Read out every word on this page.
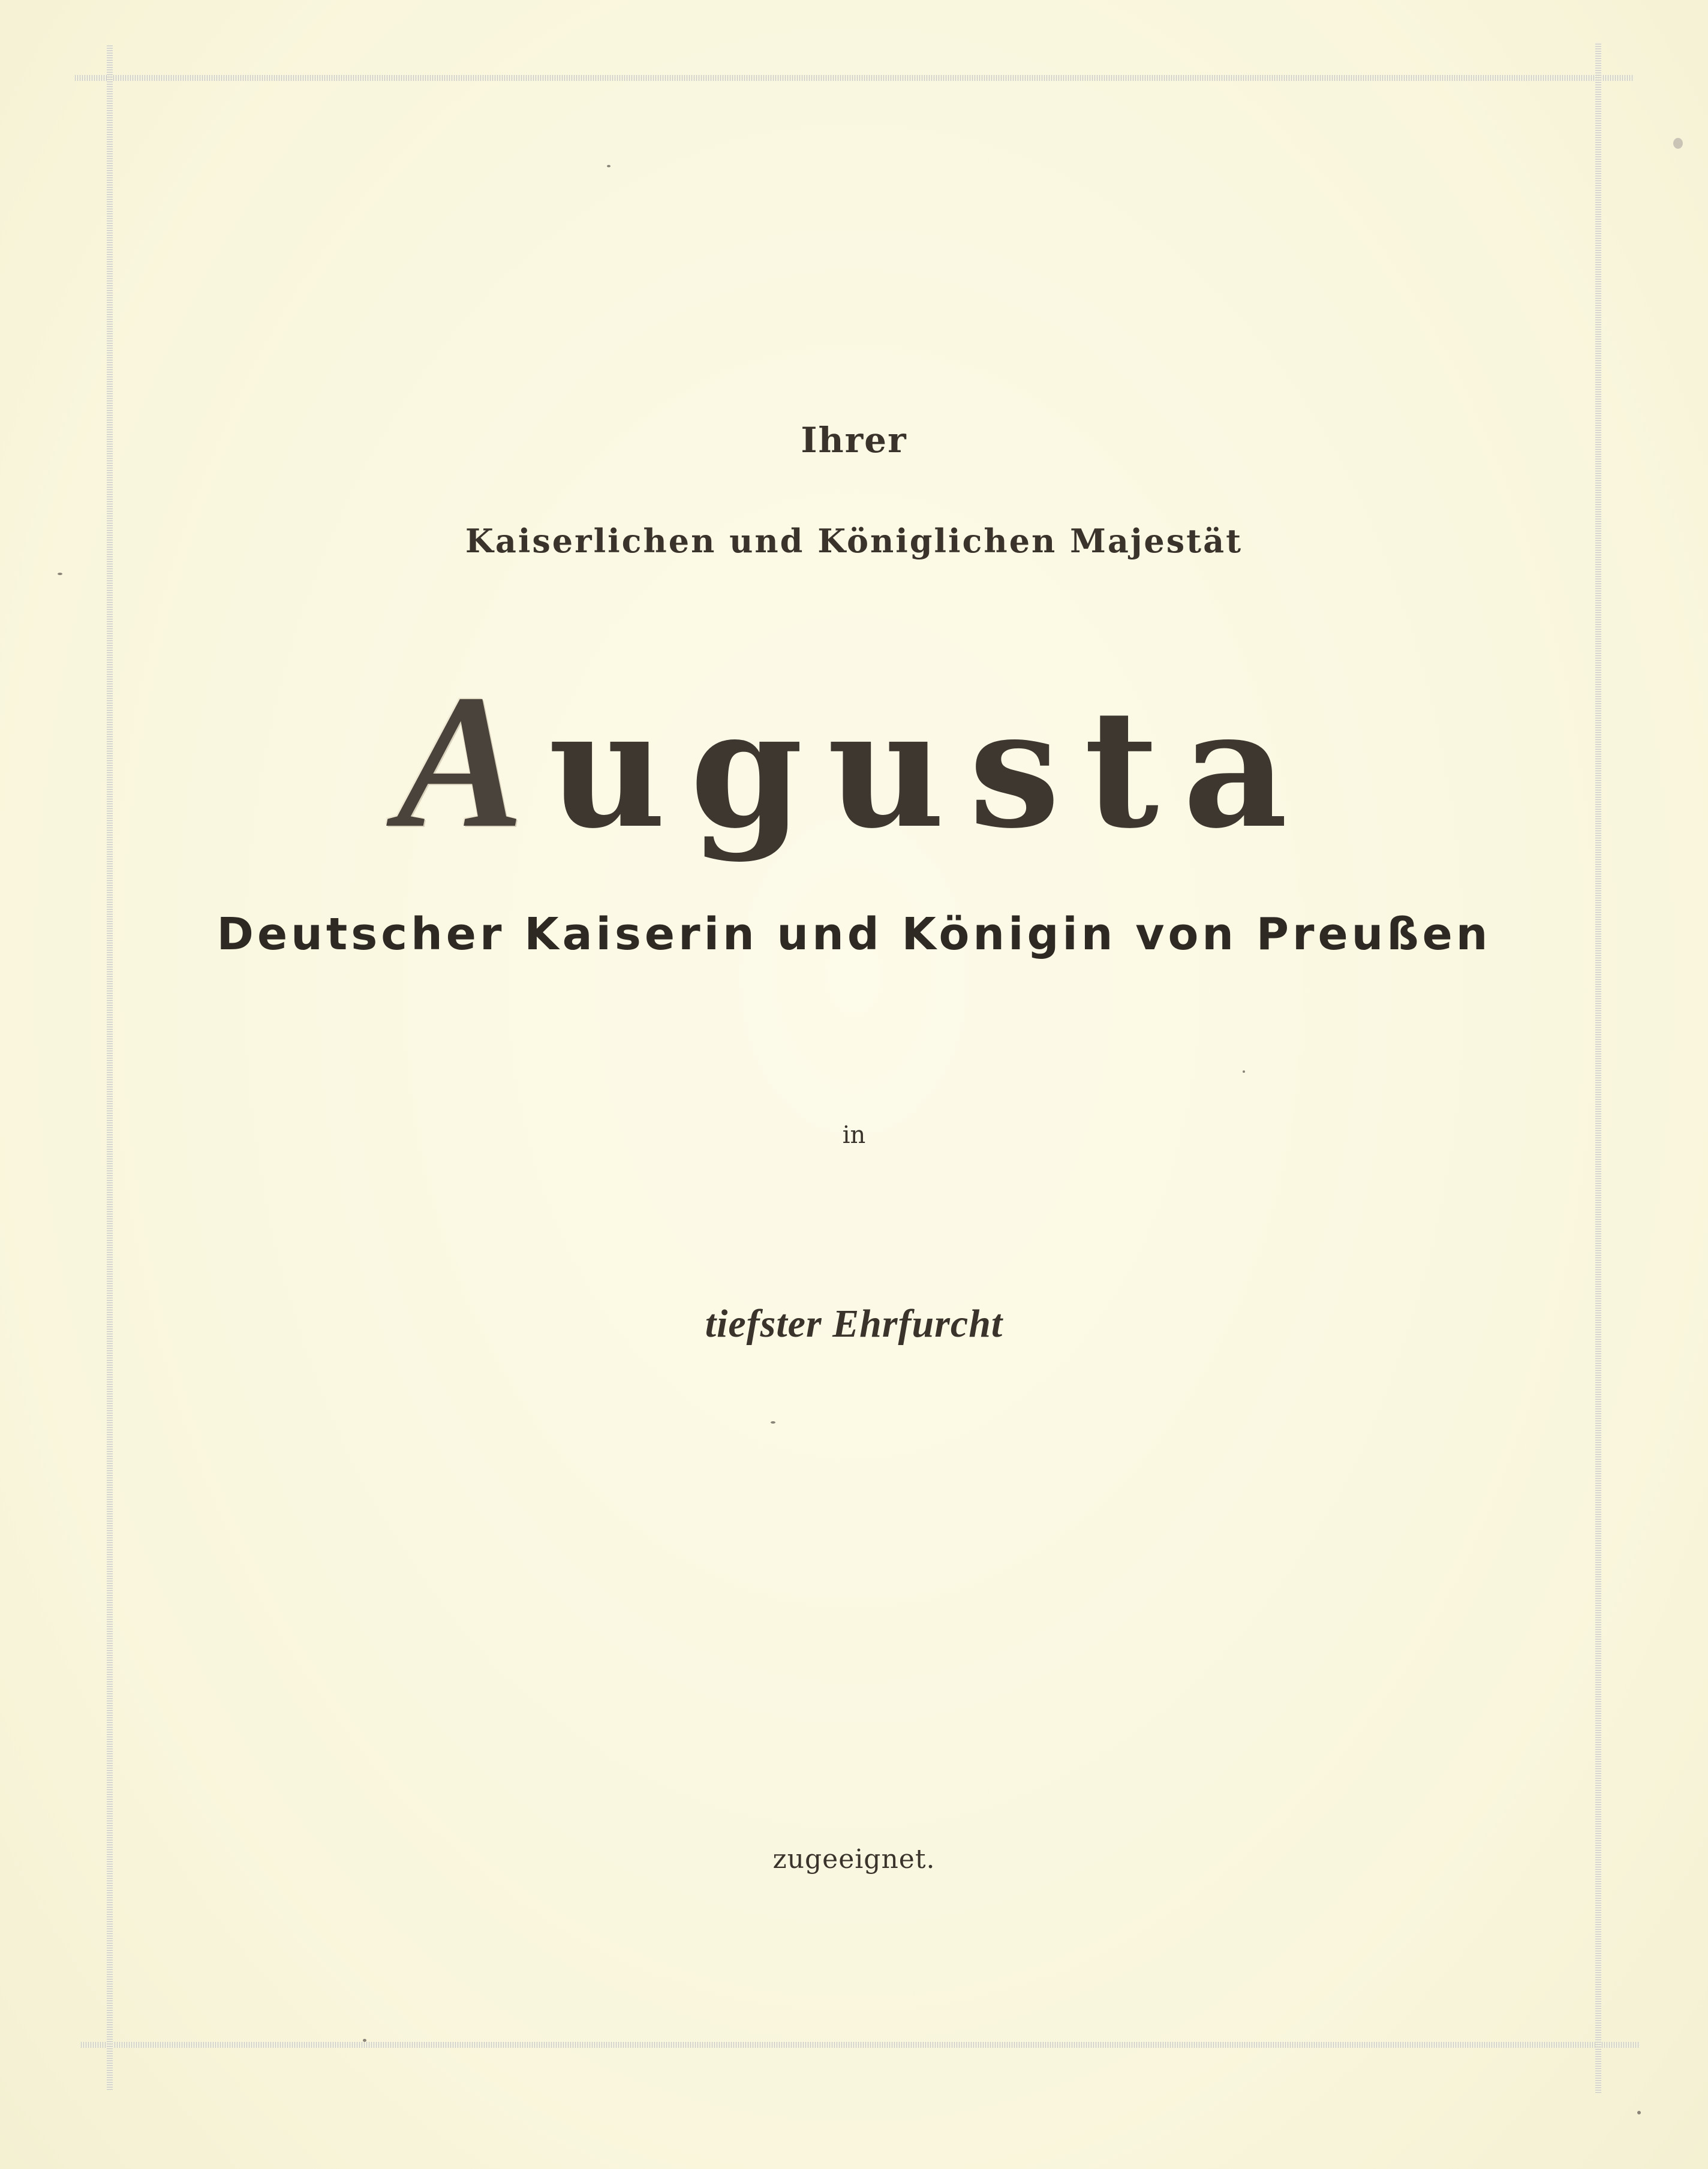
Ihrer
Kaiserlichen und Königlichen Majestät
Augusta
Deutscher Kaiserin und Königin von Preußen
in
tiefster Ehrfurcht
zugeeignet.
